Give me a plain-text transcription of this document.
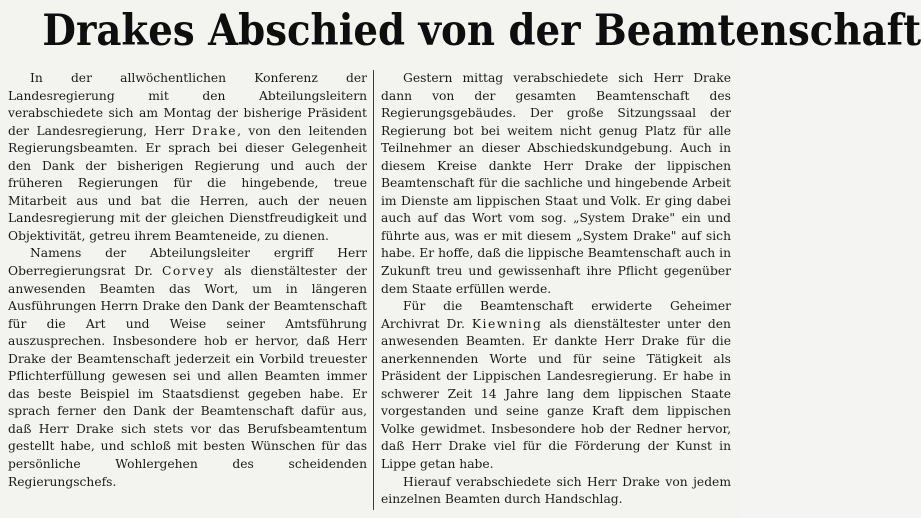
Drakes Abschied von der Beamtenschaft

In der allwöchentlichen Konferenz der Landesregierung mit den Abteilungsleitern verabschiedete sich am Montag der bisherige Präsident der Landesregierung, Herr Drake, von den leitenden Regierungsbeamten. Er sprach bei dieser Gelegenheit den Dank der bisherigen Regierung und auch der früheren Regierungen für die hingebende, treue Mitarbeit aus und bat die Herren, auch der neuen Landesregierung mit der gleichen Dienstfreudigkeit und Objektivität, getreu ihrem Beamteneide, zu dienen.

Namens der Abteilungsleiter ergriff Herr Oberregierungsrat Dr. Corvey als dienstältester der anwesenden Beamten das Wort, um in längeren Ausführungen Herrn Drake den Dank der Beamtenschaft für die Art und Weise seiner Amtsführung auszusprechen. Insbesondere hob er hervor, daß Herr Drake der Beamtenschaft jederzeit ein Vorbild treuester Pflichterfüllung gewesen sei und allen Beamten immer das beste Beispiel im Staatsdienst gegeben habe. Er sprach ferner den Dank der Beamtenschaft dafür aus, daß Herr Drake sich stets vor das Berufsbeamtentum gestellt habe, und schloß mit besten Wünschen für das persönliche Wohlergehen des scheidenden Regierungschefs.

Gestern mittag verabschiedete sich Herr Drake dann von der gesamten Beamtenschaft des Regierungsgebäudes. Der große Sitzungssaal der Regierung bot bei weitem nicht genug Platz für alle Teilnehmer an dieser Abschiedskundgebung. Auch in diesem Kreise dankte Herr Drake der lippischen Beamtenschaft für die sachliche und hingebende Arbeit im Dienste am lippischen Staat und Volk. Er ging dabei auch auf das Wort vom sog. „System Drake" ein und führte aus, was er mit diesem „System Drake" auf sich habe. Er hoffe, daß die lippische Beamtenschaft auch in Zukunft treu und gewissenhaft ihre Pflicht gegenüber dem Staate erfüllen werde.

Für die Beamtenschaft erwiderte Geheimer Archivrat Dr. Kiewning als dienstältester unter den anwesenden Beamten. Er dankte Herr Drake für die anerkennenden Worte und für seine Tätigkeit als Präsident der Lippischen Landesregierung. Er habe in schwerer Zeit 14 Jahre lang dem lippischen Staate vorgestanden und seine ganze Kraft dem lippischen Volke gewidmet. Insbesondere hob der Redner hervor, daß Herr Drake viel für die Förderung der Kunst in Lippe getan habe.

Hierauf verabschiedete sich Herr Drake von jedem einzelnen Beamten durch Handschlag.
